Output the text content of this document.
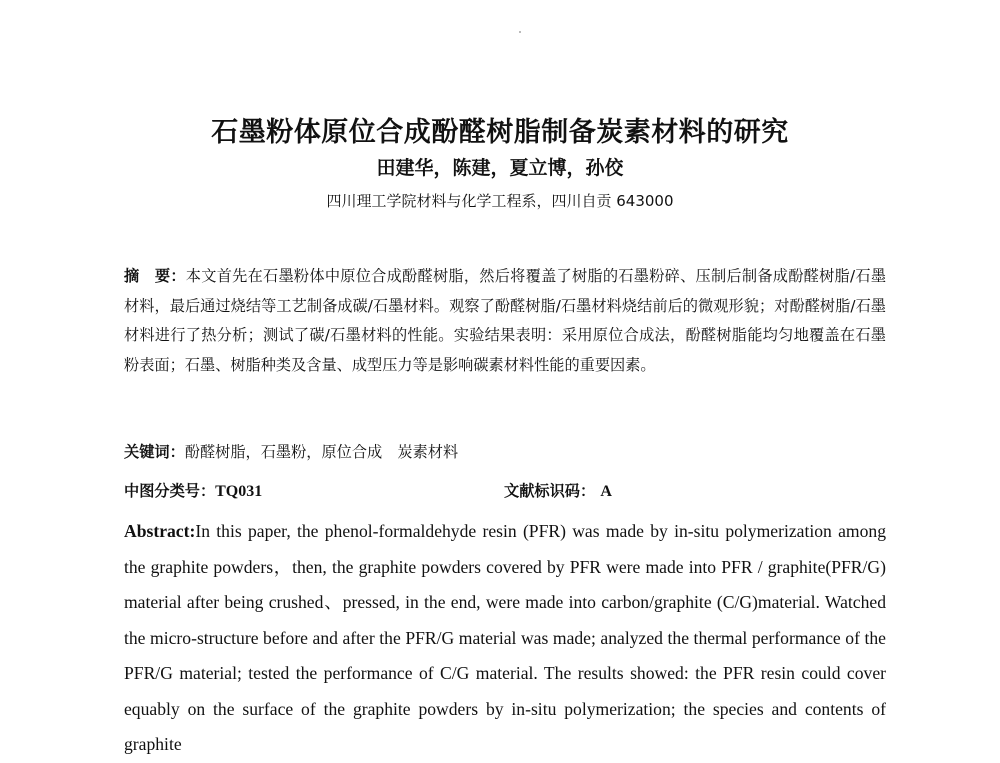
石墨粉体原位合成酚醛树脂制备炭素材料的研究
田建华，陈建，夏立博，孙佼
四川理工学院材料与化学工程系，四川自贡 643000
摘　要：本文首先在石墨粉体中原位合成酚醛树脂，然后将覆盖了树脂的石墨粉碎、压制后制备成酚醛树脂/石墨材料，最后通过烧结等工艺制备成碳/石墨材料。观察了酚醛树脂/石墨材料烧结前后的微观形貌；对酚醛树脂/石墨材料进行了热分析；测试了碳/石墨材料的性能。实验结果表明：采用原位合成法，酚醛树脂能均匀地覆盖在石墨粉表面；石墨、树脂种类及含量、成型压力等是影响碳素材料性能的重要因素。
关键词：酚醛树脂，石墨粉，原位合成　炭素材料
中图分类号：TQ031	文献标识码： A
Abstract:In this paper, the phenol-formaldehyde resin (PFR) was made by in-situ polymerization among the graphite powders，then, the graphite powders covered by PFR were made into PFR / graphite(PFR/G) material after being crushed、pressed, in the end, were made into carbon/graphite (C/G)material. Watched the micro-structure before and after the PFR/G material was made; analyzed the thermal performance of the PFR/G material; tested the performance of C/G material. The results showed: the PFR resin could cover equably on the surface of the graphite powders by in-situ polymerization; the species and contents of graphite
